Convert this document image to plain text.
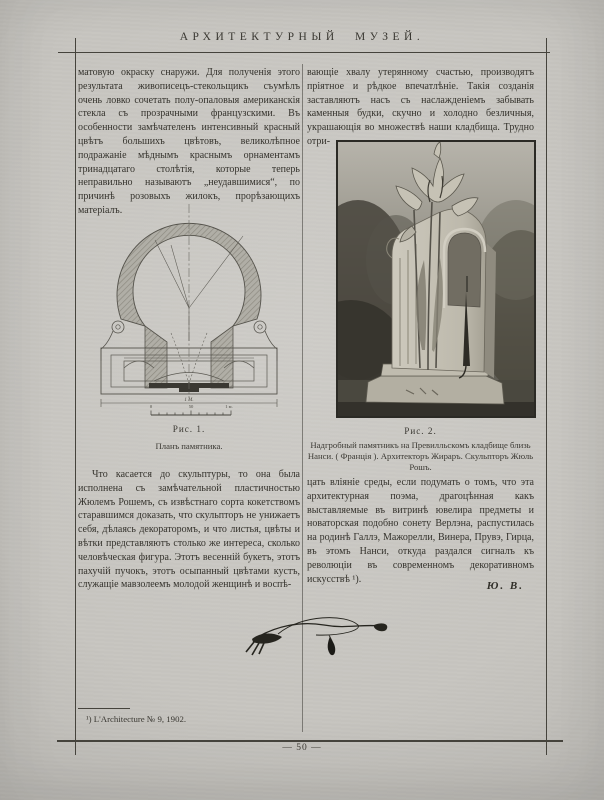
АРХИТЕКТУРНЫЙ МУЗЕЙ.

матовую окраску снаружи. Для полученія этого результата живописецъ-стекольщикъ съумѣлъ очень ловко сочетать полу-опаловыя американскія стекла съ прозрачными французскими. Въ особенности замѣчателенъ интенсивный красный цвѣтъ большихъ цвѣтовъ, великолѣпное подражаніе мѣднымъ краснымъ орнаментамъ тринадцатаго столѣтія, которые теперь неправильно называютъ „неудавшимися“, по причинѣ розовыхъ жилокъ, прорѣзающихъ матеріалъ.

1 М.
0	50	1 м.
Рис. 1.
Планъ памятника.

Что касается до скульптуры, то она была исполнена съ замѣчательной пластичностью Жюлемъ Рошемъ, съ извѣстнаго сорта кокетствомъ старавшимся доказать, что скульпторъ не унижаетъ себя, дѣлаясь декораторомъ, и что листья, цвѣты и вѣтки представляютъ столько же интереса, сколько человѣческая фигура. Этотъ весенній букетъ, этотъ пахучій пучокъ, этотъ осыпанный цвѣтами кустъ, служащіе мавзолеемъ молодой женщинѣ и воспѣ-

вающіе хвалу утерянному счастью, производятъ пріятное и рѣдкое впечатлѣніе. Такія созданія заставляютъ насъ съ наслажденіемъ забывать каменныя будки, скучно и холодно безличныя, украшающія во множествѣ наши кладбища. Трудно отри-

Рис. 2.
Надгробный памятникъ на Превилльскомъ кладбище близь Нанси. ( Франція ). Архитекторъ Жираръ. Скульпторъ Жюль Рошъ.

цать вліяніе среды, если подумать о томъ, что эта архитектурная поэма, драгоцѣнная какъ выставляемые въ витринѣ ювелира предметы и новаторская подобно сонету Верлэна, распустилась на родинѣ Галлэ, Мажорелли, Винера, Прувэ, Гирца, въ этомъ Нанси, откуда раздался сигналъ къ революціи въ современномъ декоративномъ искусствѣ ¹).

Ю. В.
¹) L'Architecture № 9, 1902.
— 50 —
